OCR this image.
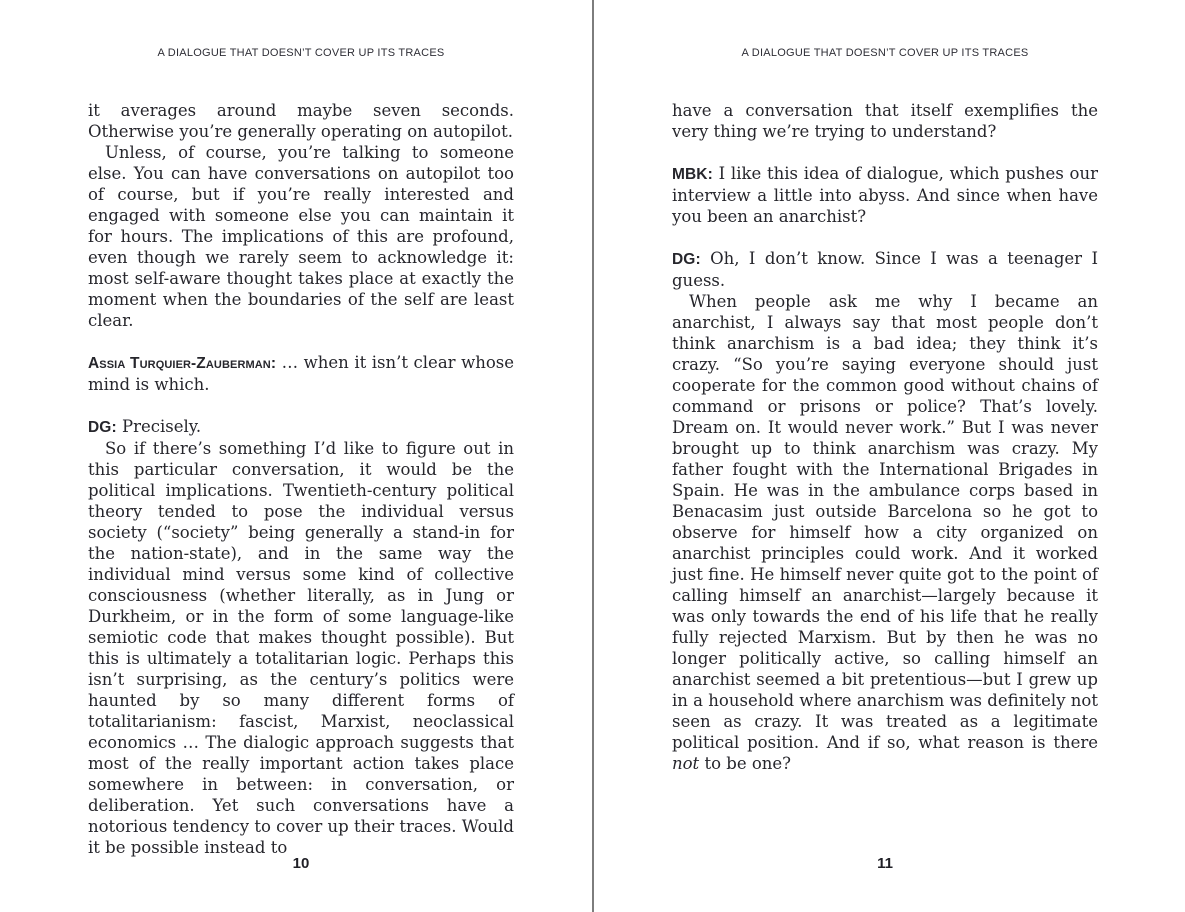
A DIALOGUE THAT DOESN’T COVER UP ITS TRACES

it averages around maybe seven seconds. Otherwise you’re generally operating on autopilot.

Unless, of course, you’re talking to someone else. You can have conversations on autopilot too of course, but if you’re really interested and engaged with someone else you can maintain it for hours. The implications of this are profound, even though we rarely seem to acknowledge it: most self-aware thought takes place at exactly the moment when the boundaries of the self are least clear.

Assia Turquier-Zauberman: … when it isn’t clear whose mind is which.

DG: Precisely.

So if there’s something I’d like to figure out in this particular conversation, it would be the political implications. Twentieth-century political theory tended to pose the individual versus society (“society” being generally a stand-in for the nation-state), and in the same way the individual mind versus some kind of collective consciousness (whether literally, as in Jung or Durkheim, or in the form of some language-like semiotic code that makes thought possible). But this is ultimately a totalitarian logic. Perhaps this isn’t surprising, as the century’s politics were haunted by so many different forms of totalitarianism: fascist, Marxist, neoclassical economics … The dialogic approach suggests that most of the really important action takes place somewhere in between: in conversation, or deliberation. Yet such conversations have a notorious tendency to cover up their traces. Would it be possible instead to

10
A DIALOGUE THAT DOESN’T COVER UP ITS TRACES

have a conversation that itself exemplifies the very thing we’re trying to understand?

MBK: I like this idea of dialogue, which pushes our interview a little into abyss. And since when have you been an anarchist?

DG: Oh, I don’t know. Since I was a teenager I guess.

When people ask me why I became an anarchist, I always say that most people don’t think anarchism is a bad idea; they think it’s crazy. “So you’re saying everyone should just cooperate for the common good without chains of command or prisons or police? That’s lovely. Dream on. It would never work.” But I was never brought up to think anarchism was crazy. My father fought with the International Brigades in Spain. He was in the ambulance corps based in Benacasim just outside Barcelona so he got to observe for himself how a city organized on anarchist principles could work. And it worked just fine. He himself never quite got to the point of calling himself an anarchist—largely because it was only towards the end of his life that he really fully rejected Marxism. But by then he was no longer politically active, so calling himself an anarchist seemed a bit pretentious—but I grew up in a household where anarchism was definitely not seen as crazy. It was treated as a legitimate political position. And if so, what reason is there not to be one?

11
